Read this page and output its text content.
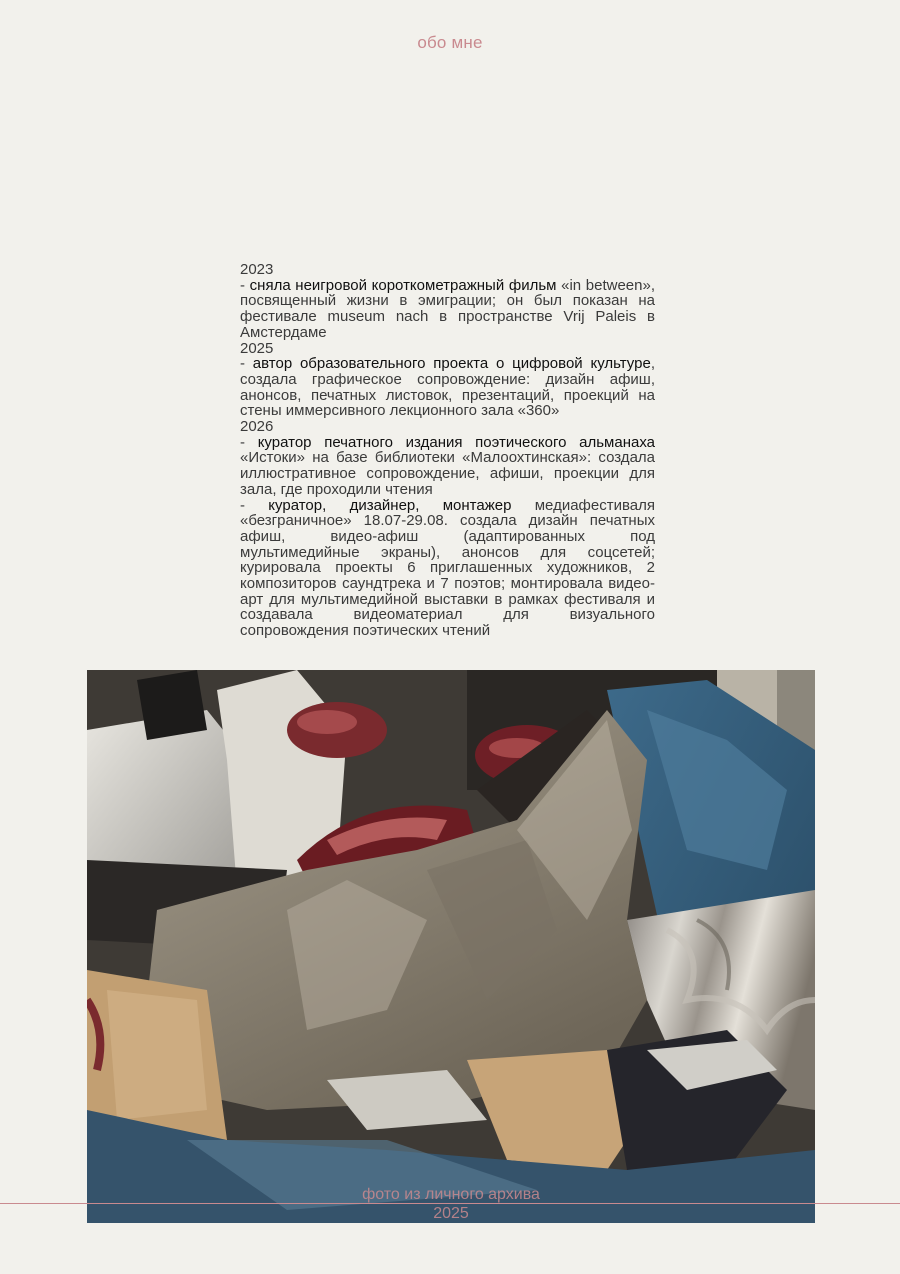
обо мне
2023
- сняла неигровой короткометражный фильм «in between», посвященный жизни в эмиграции; он был показан на фестивале museum nach в пространстве Vrij Paleis в Амстердаме
2025
- автор образовательного проекта о цифровой культуре, создала графическое сопровождение: дизайн афиш, анонсов, печатных листовок, презентаций, проекций на стены иммерсивного лекционного зала «360»
2026
- куратор печатного издания поэтического альманаха «Истоки» на базе библиотеки «Малоохтинская»: создала иллюстративное сопровождение, афиши, проекции для зала, где проходили чтения
- куратор, дизайнер, монтажер медиафестиваля «безграничное» 18.07-29.08. создала дизайн печатных афиш, видео-афиш (адаптированных под мультимедийные экраны), анонсов для соцсетей; курировала проекты 6 приглашенных художников, 2 композиторов саундтрека и 7 поэтов; монтировала видео-арт для мультимедийной выставки в рамках фестиваля и создавала видеоматериал для визуального сопровождения поэтических чтений
фото из личного архива
2025
